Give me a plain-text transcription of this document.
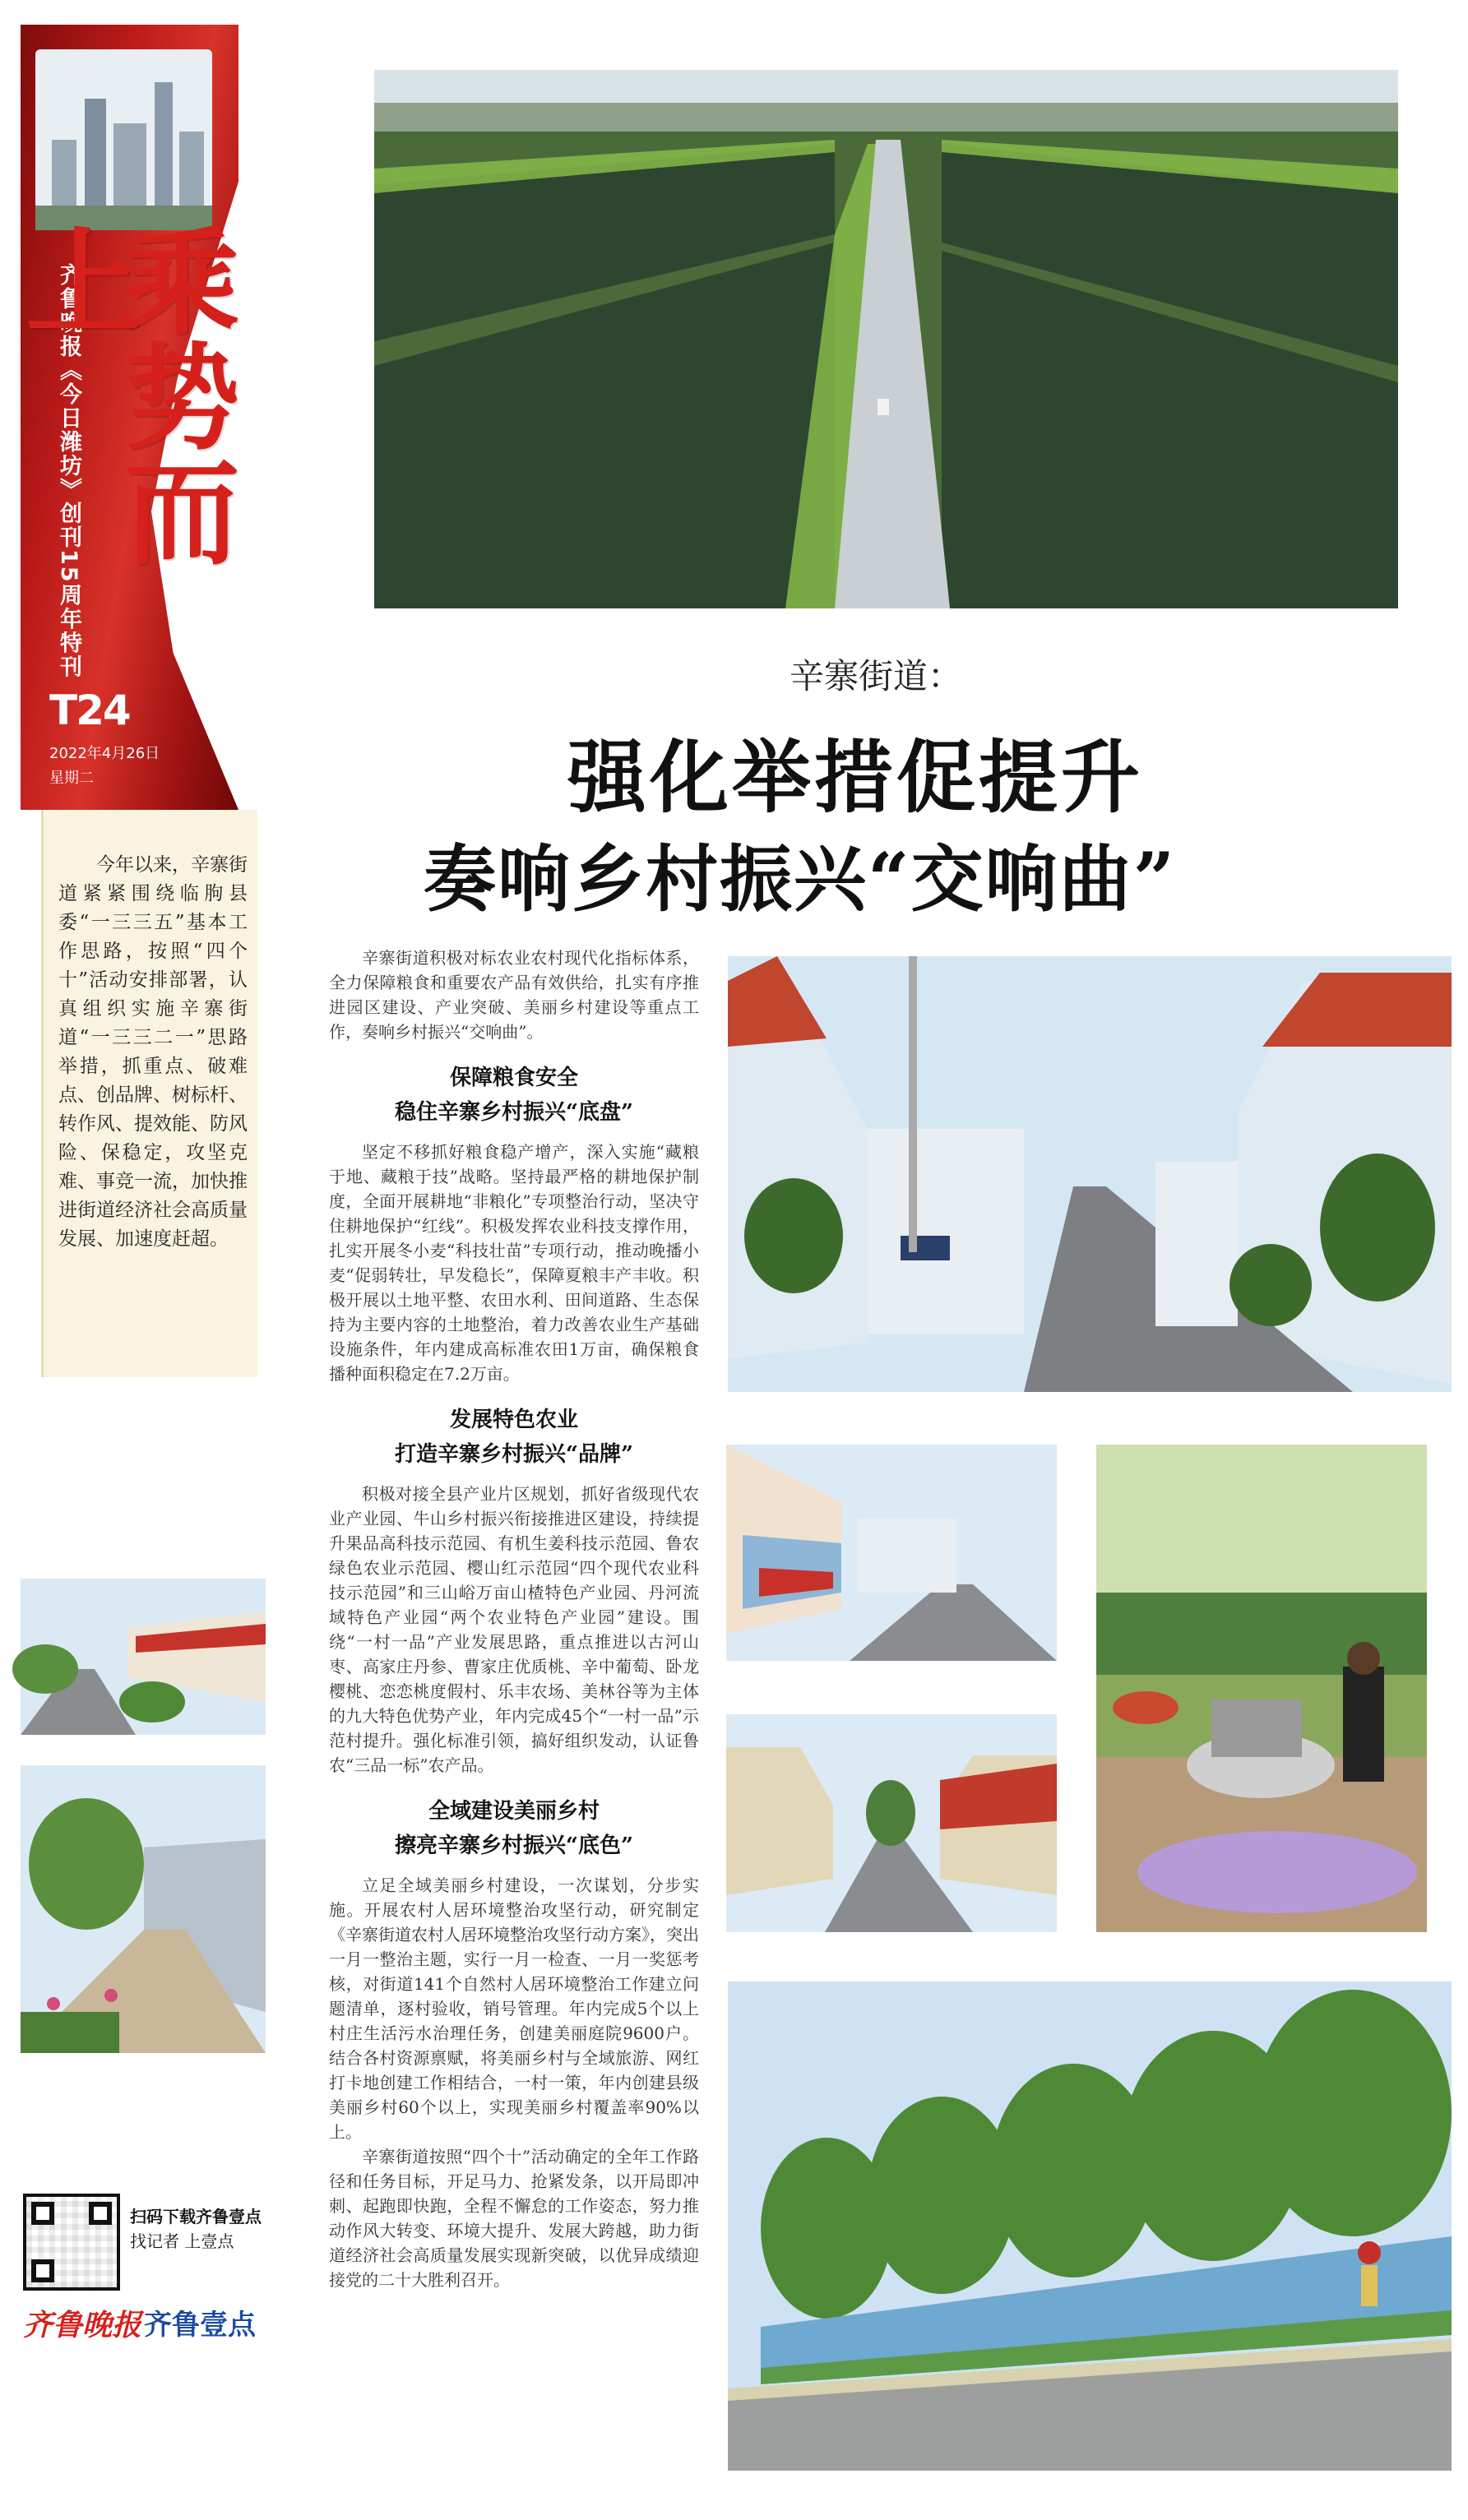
齐鲁晚报《今日潍坊》创刊15周年特刊 乘势而上
T24
2022年4月26日
星期二

今年以来，辛寨街道紧紧围绕临朐县委“一三三五”基本工作思路，按照“四个十”活动安排部署，认真组织实施辛寨街道“一三三二一”思路举措，抓重点、破难点、创品牌、树标杆、转作风、提效能、防风险、保稳定，攻坚克难、事竞一流，加快推进街道经济社会高质量发展、加速度赶超。

辛寨街道：
强化举措促提升
奏响乡村振兴“交响曲”

辛寨街道积极对标农业农村现代化指标体系，全力保障粮食和重要农产品有效供给，扎实有序推进园区建设、产业突破、美丽乡村建设等重点工作，奏响乡村振兴“交响曲”。

保障粮食安全
稳住辛寨乡村振兴“底盘”

坚定不移抓好粮食稳产增产，深入实施“藏粮于地、藏粮于技”战略。坚持最严格的耕地保护制度，全面开展耕地“非粮化”专项整治行动，坚决守住耕地保护“红线”。积极发挥农业科技支撑作用，扎实开展冬小麦“科技壮苗”专项行动，推动晚播小麦“促弱转壮，早发稳长”，保障夏粮丰产丰收。积极开展以土地平整、农田水利、田间道路、生态保持为主要内容的土地整治，着力改善农业生产基础设施条件，年内建成高标准农田1万亩，确保粮食播种面积稳定在7.2万亩。

发展特色农业
打造辛寨乡村振兴“品牌”

积极对接全县产业片区规划，抓好省级现代农业产业园、牛山乡村振兴衔接推进区建设，持续提升果品高科技示范园、有机生姜科技示范园、鲁农绿色农业示范园、樱山红示范园“四个现代农业科技示范园”和三山峪万亩山楂特色产业园、丹河流域特色产业园“两个农业特色产业园”建设。围绕“一村一品”产业发展思路，重点推进以古河山枣、高家庄丹参、曹家庄优质桃、辛中葡萄、卧龙樱桃、恋恋桃度假村、乐丰农场、美林谷等为主体的九大特色优势产业，年内完成45个“一村一品”示范村提升。强化标准引领，搞好组织发动，认证鲁农“三品一标”农产品。

全域建设美丽乡村
擦亮辛寨乡村振兴“底色”

立足全域美丽乡村建设，一次谋划，分步实施。开展农村人居环境整治攻坚行动，研究制定《辛寨街道农村人居环境整治攻坚行动方案》，突出一月一整治主题，实行一月一检查、一月一奖惩考核，对街道141个自然村人居环境整治工作建立问题清单，逐村验收，销号管理。年内完成5个以上村庄生活污水治理任务，创建美丽庭院9600户。结合各村资源禀赋，将美丽乡村与全域旅游、网红打卡地创建工作相结合，一村一策，年内创建县级美丽乡村60个以上，实现美丽乡村覆盖率90%以上。

辛寨街道按照“四个十”活动确定的全年工作路径和任务目标，开足马力、抢紧发条，以开局即冲刺、起跑即快跑，全程不懈怠的工作姿态，努力推动作风大转变、环境大提升、发展大跨越，助力街道经济社会高质量发展实现新突破，以优异成绩迎接党的二十大胜利召开。

扫码下载齐鲁壹点
找记者 上壹点
齐鲁晚报 齐鲁壹点
